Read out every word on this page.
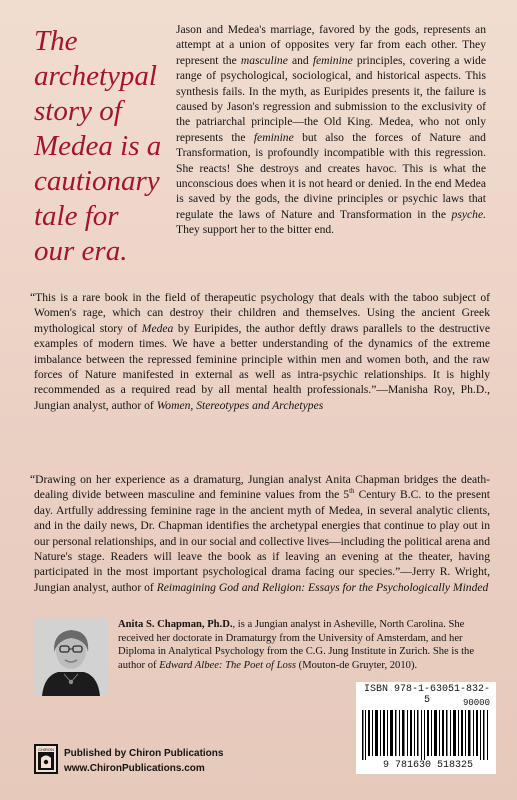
The
archetypal
story of
Medea is a
cautionary
tale for
our era.
Jason and Medea's marriage, favored by the gods, represents an attempt at a union of opposites very far from each other. They represent the masculine and feminine principles, covering a wide range of psychological, sociological, and historical aspects. This synthesis fails. In the myth, as Euripides presents it, the failure is caused by Jason's regression and submission to the exclusivity of the patriarchal principle—the Old King. Medea, who not only represents the feminine but also the forces of Nature and Transformation, is profoundly incompatible with this regression. She reacts! She destroys and creates havoc. This is what the unconscious does when it is not heard or denied. In the end Medea is saved by the gods, the divine principles or psychic laws that regulate the laws of Nature and Transformation in the psyche. They support her to the bitter end.
“This is a rare book in the field of therapeutic psychology that deals with the taboo subject of Women's rage, which can destroy their children and themselves. Using the ancient Greek mythological story of Medea by Euripides, the author deftly draws parallels to the destructive examples of modern times. We have a better understanding of the dynamics of the extreme imbalance between the repressed feminine principle within men and women both, and the raw forces of Nature manifested in external as well as intra-psychic relationships. It is highly recommended as a required read by all mental health professionals.”—Manisha Roy, Ph.D., Jungian analyst, author of Women, Stereotypes and Archetypes
“Drawing on her experience as a dramaturg, Jungian analyst Anita Chapman bridges the death-dealing divide between masculine and feminine values from the 5th Century B.C. to the present day. Artfully addressing feminine rage in the ancient myth of Medea, in several analytic clients, and in the daily news, Dr. Chapman identifies the archetypal energies that continue to play out in our personal relationships, and in our social and collective lives—including the political arena and Nature's stage. Readers will leave the book as if leaving an evening at the theater, having participated in the most important psychological drama facing our species.”—Jerry R. Wright, Jungian analyst, author of Reimagining God and Religion: Essays for the Psychologically Minded
Anita S. Chapman, Ph.D., is a Jungian analyst in Asheville, North Carolina. She received her doctorate in Dramaturgy from the University of Amsterdam, and her Diploma in Analytical Psychology from the C.G. Jung Institute in Zurich. She is the author of Edward Albee: The Poet of Loss (Mouton-de Gruyter, 2010).
ISBN 978-1-63051-832-5	90000
9 781630 518325
CHIRON Published by Chiron Publications
www.ChironPublications.com
